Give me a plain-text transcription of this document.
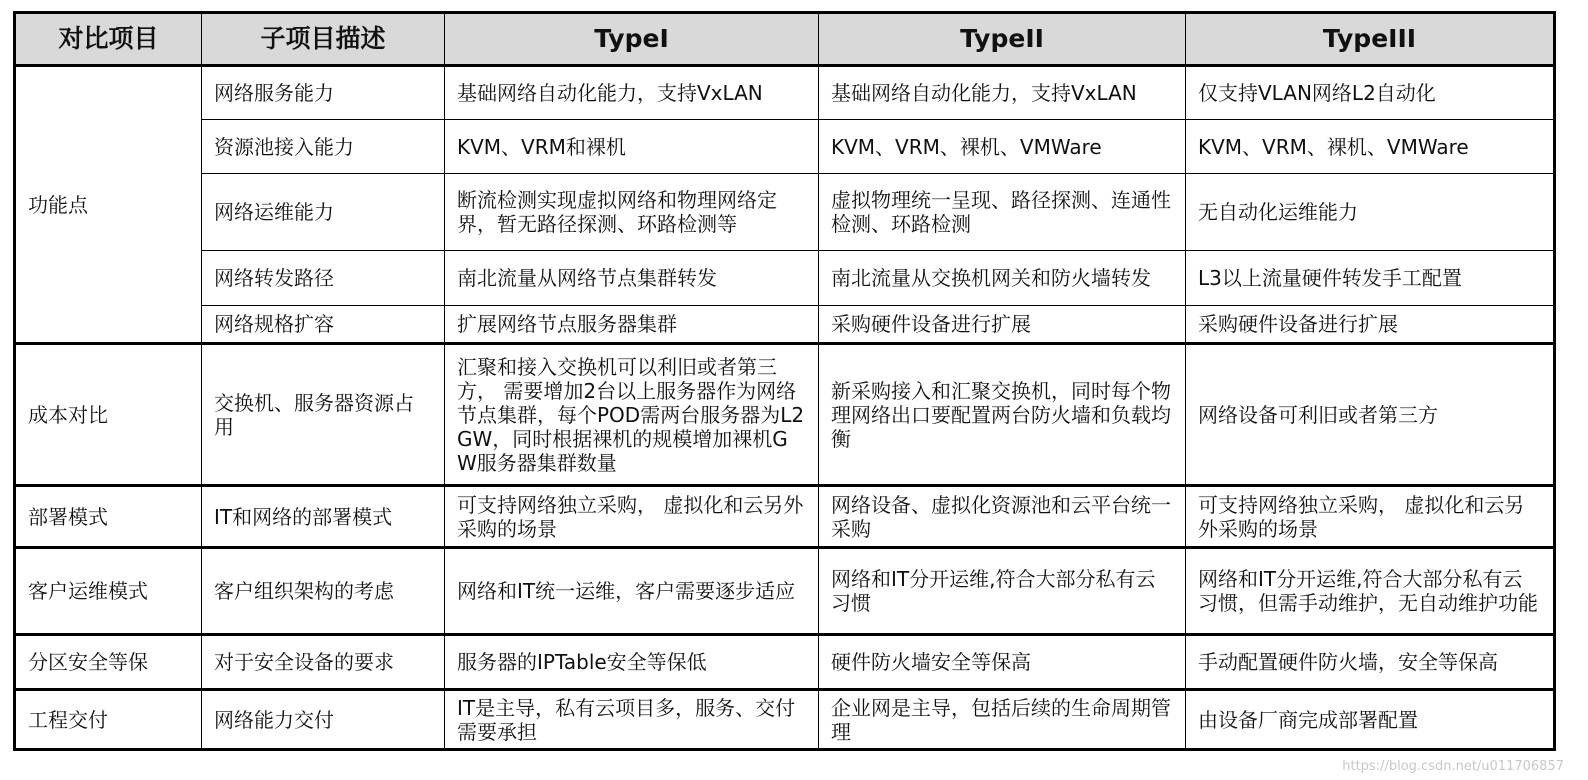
对比项目	子项目描述	TypeI	TypeII	TypeIII
功能点	网络服务能力	基础网络自动化能力，支持VxLAN	基础网络自动化能力，支持VxLAN	仅支持VLAN网络L2自动化
	资源池接入能力	KVM、VRM和裸机	KVM、VRM、裸机、VMWare	KVM、VRM、裸机、VMWare
	网络运维能力	断流检测实现虚拟网络和物理网络定界，暂无路径探测、环路检测等	虚拟物理统一呈现、路径探测、连通性检测、环路检测	无自动化运维能力
	网络转发路径	南北流量从网络节点集群转发	南北流量从交换机网关和防火墙转发	L3以上流量硬件转发手工配置
	网络规格扩容	扩展网络节点服务器集群	采购硬件设备进行扩展	采购硬件设备进行扩展
成本对比	交换机、服务器资源占用	汇聚和接入交换机可以利旧或者第三方， 需要增加2台以上服务器作为网络节点集群，每个POD需两台服务器为L2 GW，同时根据裸机的规模增加裸机GW服务器集群数量	新采购接入和汇聚交换机，同时每个物理网络出口要配置两台防火墙和负载均衡	网络设备可利旧或者第三方
部署模式	IT和网络的部署模式	可支持网络独立采购， 虚拟化和云另外采购的场景	网络设备、虚拟化资源池和云平台统一采购	可支持网络独立采购， 虚拟化和云另外采购的场景
客户运维模式	客户组织架构的考虑	网络和IT统一运维，客户需要逐步适应	网络和IT分开运维,符合大部分私有云习惯	网络和IT分开运维,符合大部分私有云习惯，但需手动维护，无自动维护功能
分区安全等保	对于安全设备的要求	服务器的IPTable安全等保低	硬件防火墙安全等保高	手动配置硬件防火墙，安全等保高
工程交付	网络能力交付	IT是主导，私有云项目多，服务、交付需要承担	企业网是主导，包括后续的生命周期管理	由设备厂商完成部署配置
https://blog.csdn.net/u011706857
